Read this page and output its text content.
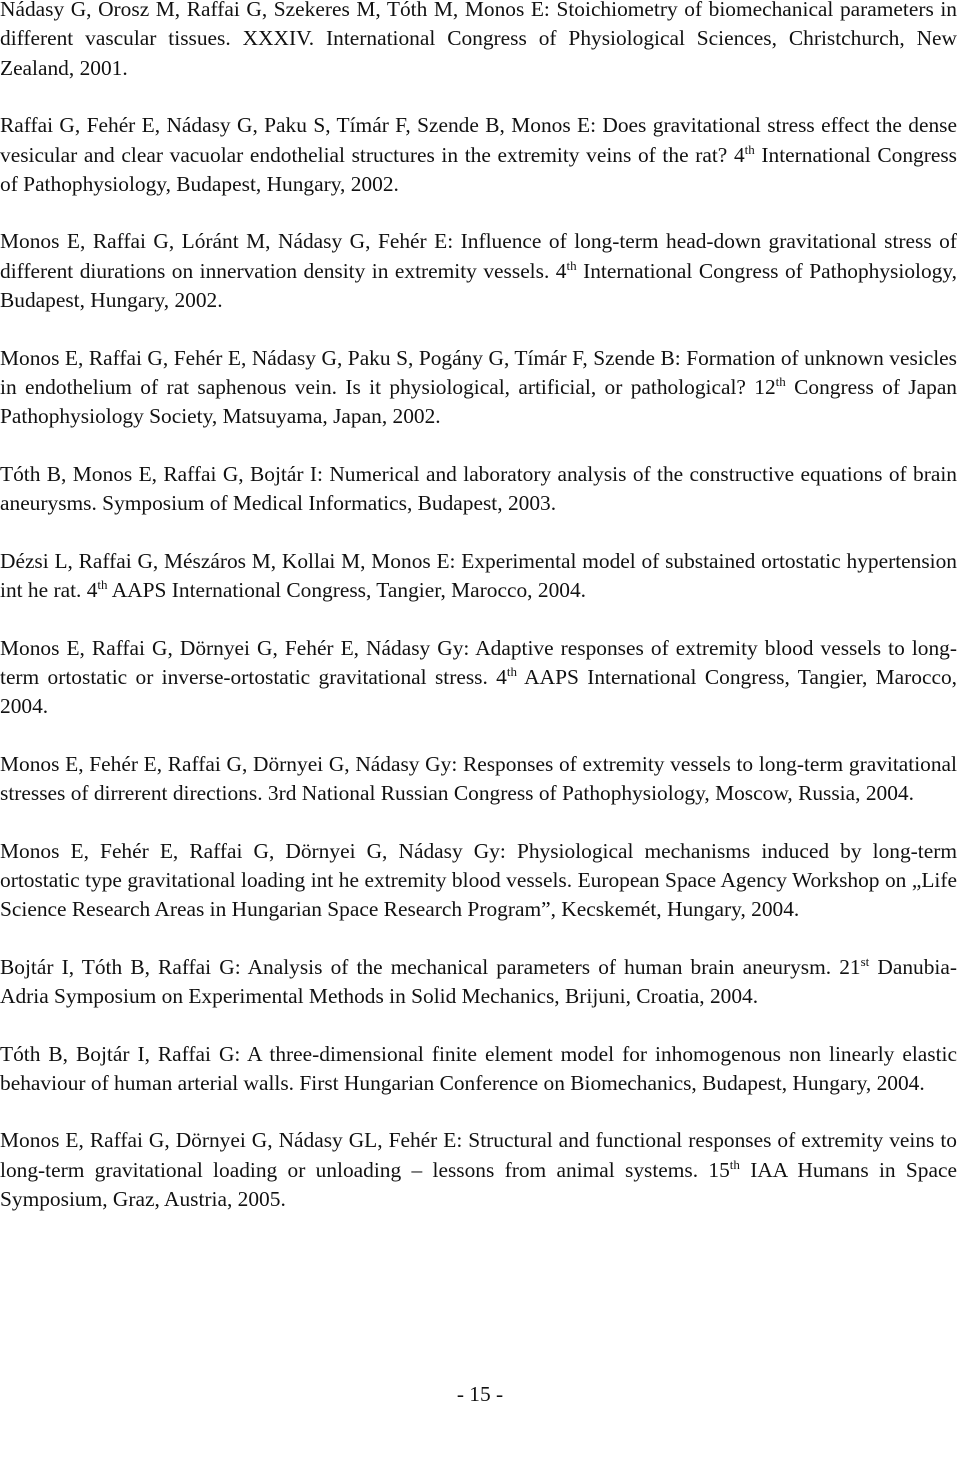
Nádasy G, Orosz M, Raffai G, Szekeres M, Tóth M, Monos E: Stoichiometry of biomechanical parameters in different vascular tissues. XXXIV. International Congress of Physiological Sciences, Christchurch, New Zealand, 2001.

Raffai G, Fehér E, Nádasy G, Paku S, Tímár F, Szende B, Monos E: Does gravitational stress effect the dense vesicular and clear vacuolar endothelial structures in the extremity veins of the rat? 4th International Congress of Pathophysiology, Budapest, Hungary, 2002.

Monos E, Raffai G, Lóránt M, Nádasy G, Fehér E: Influence of long-term head-down gravitational stress of different diurations on innervation density in extremity vessels. 4th International Congress of Pathophysiology, Budapest, Hungary, 2002.

Monos E, Raffai G, Fehér E, Nádasy G, Paku S, Pogány G, Tímár F, Szende B: Formation of unknown vesicles in endothelium of rat saphenous vein. Is it physiological, artificial, or pathological? 12th Congress of Japan Pathophysiology Society, Matsuyama, Japan, 2002.

Tóth B, Monos E, Raffai G, Bojtár I: Numerical and laboratory analysis of the constructive equations of brain aneurysms. Symposium of Medical Informatics, Budapest, 2003.

Dézsi L, Raffai G, Mészáros M, Kollai M, Monos E: Experimental model of substained ortostatic hypertension int he rat. 4th AAPS International Congress, Tangier, Marocco, 2004.

Monos E, Raffai G, Dörnyei G, Fehér E, Nádasy Gy: Adaptive responses of extremity blood vessels to long-term ortostatic or inverse-ortostatic gravitational stress. 4th AAPS International Congress, Tangier, Marocco, 2004.

Monos E, Fehér E, Raffai G, Dörnyei G, Nádasy Gy: Responses of extremity vessels to long-term gravitational stresses of dirrerent directions. 3rd National Russian Congress of Pathophysiology, Moscow, Russia, 2004.

Monos E, Fehér E, Raffai G, Dörnyei G, Nádasy Gy: Physiological mechanisms induced by long-term ortostatic type gravitational loading int he extremity blood vessels. European Space Agency Workshop on „Life Science Research Areas in Hungarian Space Research Program”, Kecskemét, Hungary, 2004.

Bojtár I, Tóth B, Raffai G: Analysis of the mechanical parameters of human brain aneurysm. 21st Danubia-Adria Symposium on Experimental Methods in Solid Mechanics, Brijuni, Croatia, 2004.

Tóth B, Bojtár I, Raffai G: A three-dimensional finite element model for inhomogenous non linearly elastic behaviour of human arterial walls. First Hungarian Conference on Biomechanics, Budapest, Hungary, 2004.

Monos E, Raffai G, Dörnyei G, Nádasy GL, Fehér E: Structural and functional responses of extremity veins to long-term gravitational loading or unloading – lessons from animal systems. 15th IAA Humans in Space Symposium, Graz, Austria, 2005.

- 15 -
